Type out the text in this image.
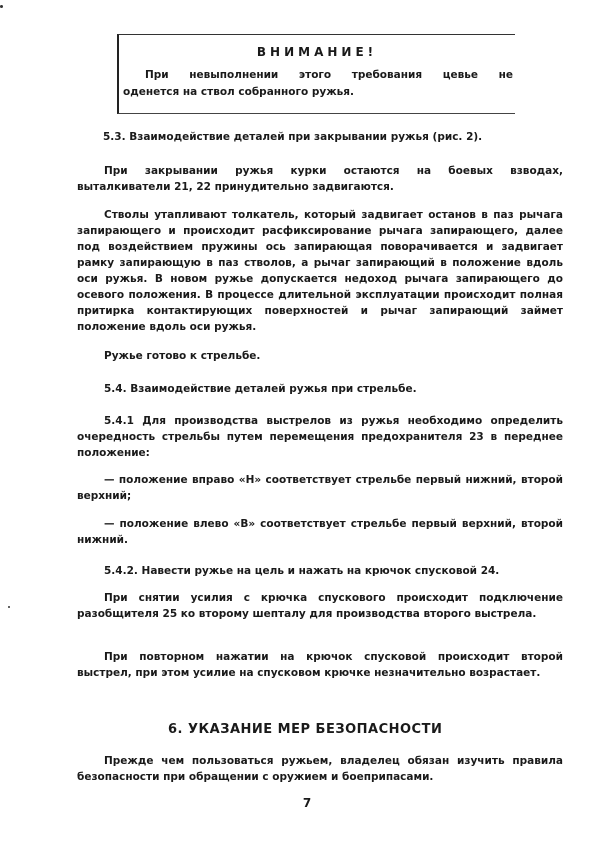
ВНИМАНИЕ!
При невыполнении этого требования цевье не
оденется на ствол собранного ружья.
5.3. Взаимодействие деталей при закрывании ружья (рис. 2).
При закрывании ружья курки остаются на боевых взводах, выталкиватели 21, 22 принудительно задвигаются.
Стволы утапливают толкатель, который задвигает останов в паз рычага запирающего и происходит расфиксирование рычага запирающего, далее под воздействием пружины ось запирающая поворачивается и задвигает рамку запирающую в паз стволов, а рычаг запирающий в положение вдоль оси ружья. В новом ружье допускается недоход рычага запирающего до осевого положения. В процессе длительной эксплуатации происходит полная притирка контактирующих поверхностей и рычаг запирающий займет положение вдоль оси ружья.
Ружье готово к стрельбе.
5.4. Взаимодействие деталей ружья при стрельбе.
5.4.1 Для производства выстрелов из ружья необходимо определить очередность стрельбы путем перемещения предохранителя 23 в переднее положение:
— положение вправо «Н» соответствует стрельбе первый нижний, второй верхний;
— положение влево «В» соответствует стрельбе первый верхний, второй нижний.
5.4.2. Навести ружье на цель и нажать на крючок спусковой 24.
При снятии усилия с крючка спускового происходит подключение разобщителя 25 ко второму шепталу для производства второго выстрела.
При повторном нажатии на крючок спусковой происходит второй выстрел, при этом усилие на спусковом крючке незначительно возрастает.
6. УКАЗАНИЕ МЕР БЕЗОПАСНОСТИ
Прежде чем пользоваться ружьем, владелец обязан изучить правила безопасности при обращении с оружием и боеприпасами.
7
